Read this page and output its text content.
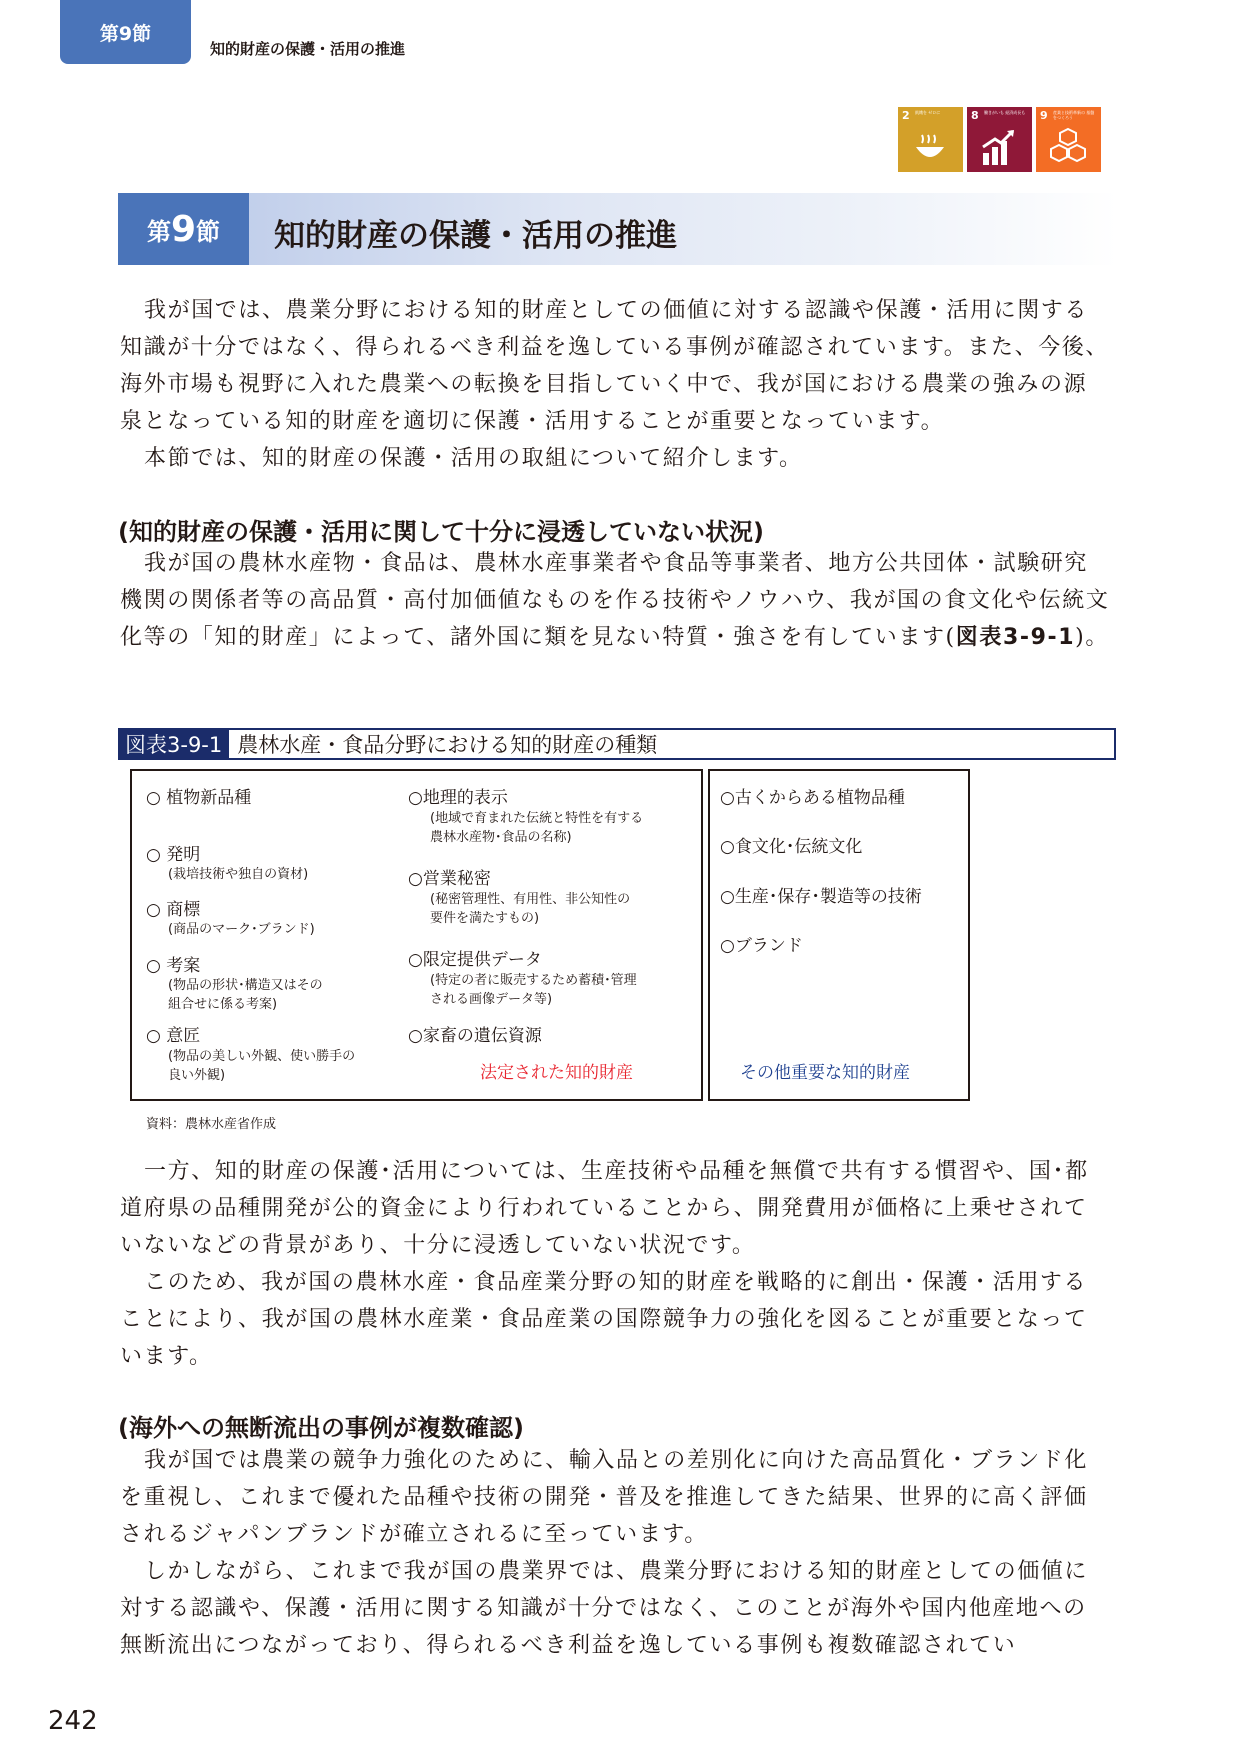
第9節
知的財産の保護・活用の推進
2 飢餓を ゼロに	8 働きがいも 経済成長も 9 産業と技術革新の 基盤をつくろう
第 9 節 知的財産の保護・活用の推進

我が国では、農業分野における知的財産としての価値に対する認識や保護・活用に関する知識が十分ではなく、得られるべき利益を逸している事例が確認されています。また、今後、海外市場も視野に入れた農業への転換を目指していく中で、我が国における農業の強みの源泉となっている知的財産を適切に保護・活用することが重要となっています。

本節では、知的財産の保護・活用の取組について紹介します。

(知的財産の保護・活用に関して十分に浸透していない状況)

我が国の農林水産物・食品は、農林水産事業者や食品等事業者、地方公共団体・試験研究機関の関係者等の高品質・高付加価値なものを作る技術やノウハウ、我が国の食文化や伝統文化等の「知的財産」によって、諸外国に類を見ない特質・強さを有しています(図表3-9-1)。

図表3-9-1 農林水産・食品分野における知的財産の種類
○ 植物新品種
○ 発明
(栽培技術や独自の資材)
○ 商標
(商品のマーク･ブランド)
○ 考案
(物品の形状･構造又はその
組合せに係る考案)
○ 意匠
(物品の美しい外観、使い勝手の
良い外観)
○地理的表示
(地域で育まれた伝統と特性を有する
農林水産物･食品の名称)
○営業秘密
(秘密管理性、有用性、非公知性の
要件を満たすもの)
○限定提供データ
(特定の者に販売するため蓄積･管理
される画像データ等)
○家畜の遺伝資源
法定された知的財産
○古くからある植物品種
○食文化･伝統文化
○生産･保存･製造等の技術
○ブランド
その他重要な知的財産
資料：農林水産省作成

一方、知的財産の保護･活用については、生産技術や品種を無償で共有する慣習や、国･都道府県の品種開発が公的資金により行われていることから、開発費用が価格に上乗せされていないなどの背景があり、十分に浸透していない状況です。

このため、我が国の農林水産・食品産業分野の知的財産を戦略的に創出・保護・活用することにより、我が国の農林水産業・食品産業の国際競争力の強化を図ることが重要となっています。

(海外への無断流出の事例が複数確認)

我が国では農業の競争力強化のために、輸入品との差別化に向けた高品質化・ブランド化を重視し、これまで優れた品種や技術の開発・普及を推進してきた結果、世界的に高く評価されるジャパンブランドが確立されるに至っています。

しかしながら、これまで我が国の農業界では、農業分野における知的財産としての価値に対する認識や、保護・活用に関する知識が十分ではなく、このことが海外や国内他産地への無断流出につながっており、得られるべき利益を逸している事例も複数確認されてい

242
